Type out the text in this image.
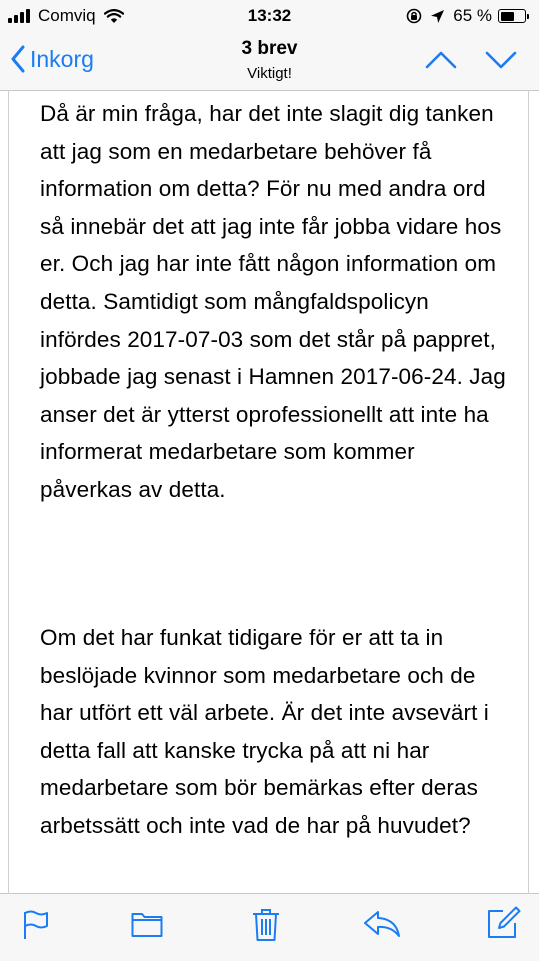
Comviq	13:32	65 %
Inkorg	3 brev
Viktigt!

Då är min fråga, har det inte slagit dig tanken att jag som en medarbetare behöver få information om detta? För nu med andra ord så innebär det att jag inte får jobba vidare hos er. Och jag har inte fått någon information om detta. Samtidigt som mångfaldspolicyn infördes 2017-07-03 som det står på pappret, jobbade jag senast i Hamnen 2017-06-24. Jag anser det är ytterst oprofessionellt att inte ha informerat medarbetare som kommer påverkas av detta.

Om det har funkat tidigare för er att ta in beslöjade kvinnor som medarbetare och de har utfört ett väl arbete. Är det inte avsevärt i detta fall att kanske trycka på att ni har medarbetare som bör bemärkas efter deras arbetssätt och inte vad de har på huvudet?
